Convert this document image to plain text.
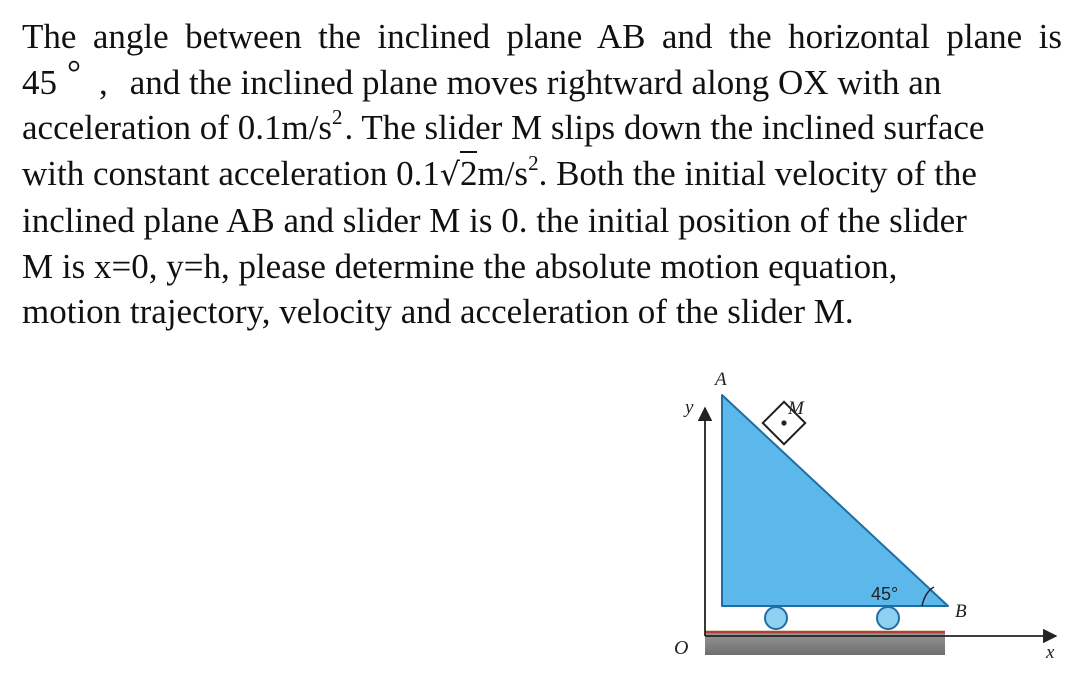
The angle between the inclined plane AB and the horizontal plane is
45 ° , and the inclined plane moves rightward along OX with an
acceleration of $0.1m/s^2$. The slider M slips down the inclined surface
with constant acceleration $0.1√2m/s^2$. Both the initial velocity of the
inclined plane AB and slider M is 0. the initial position of the slider
M is x=0, y=h, please determine the absolute motion equation,
motion trajectory, velocity and acceleration of the slider M.
A
M
y
B
O	x
45°
